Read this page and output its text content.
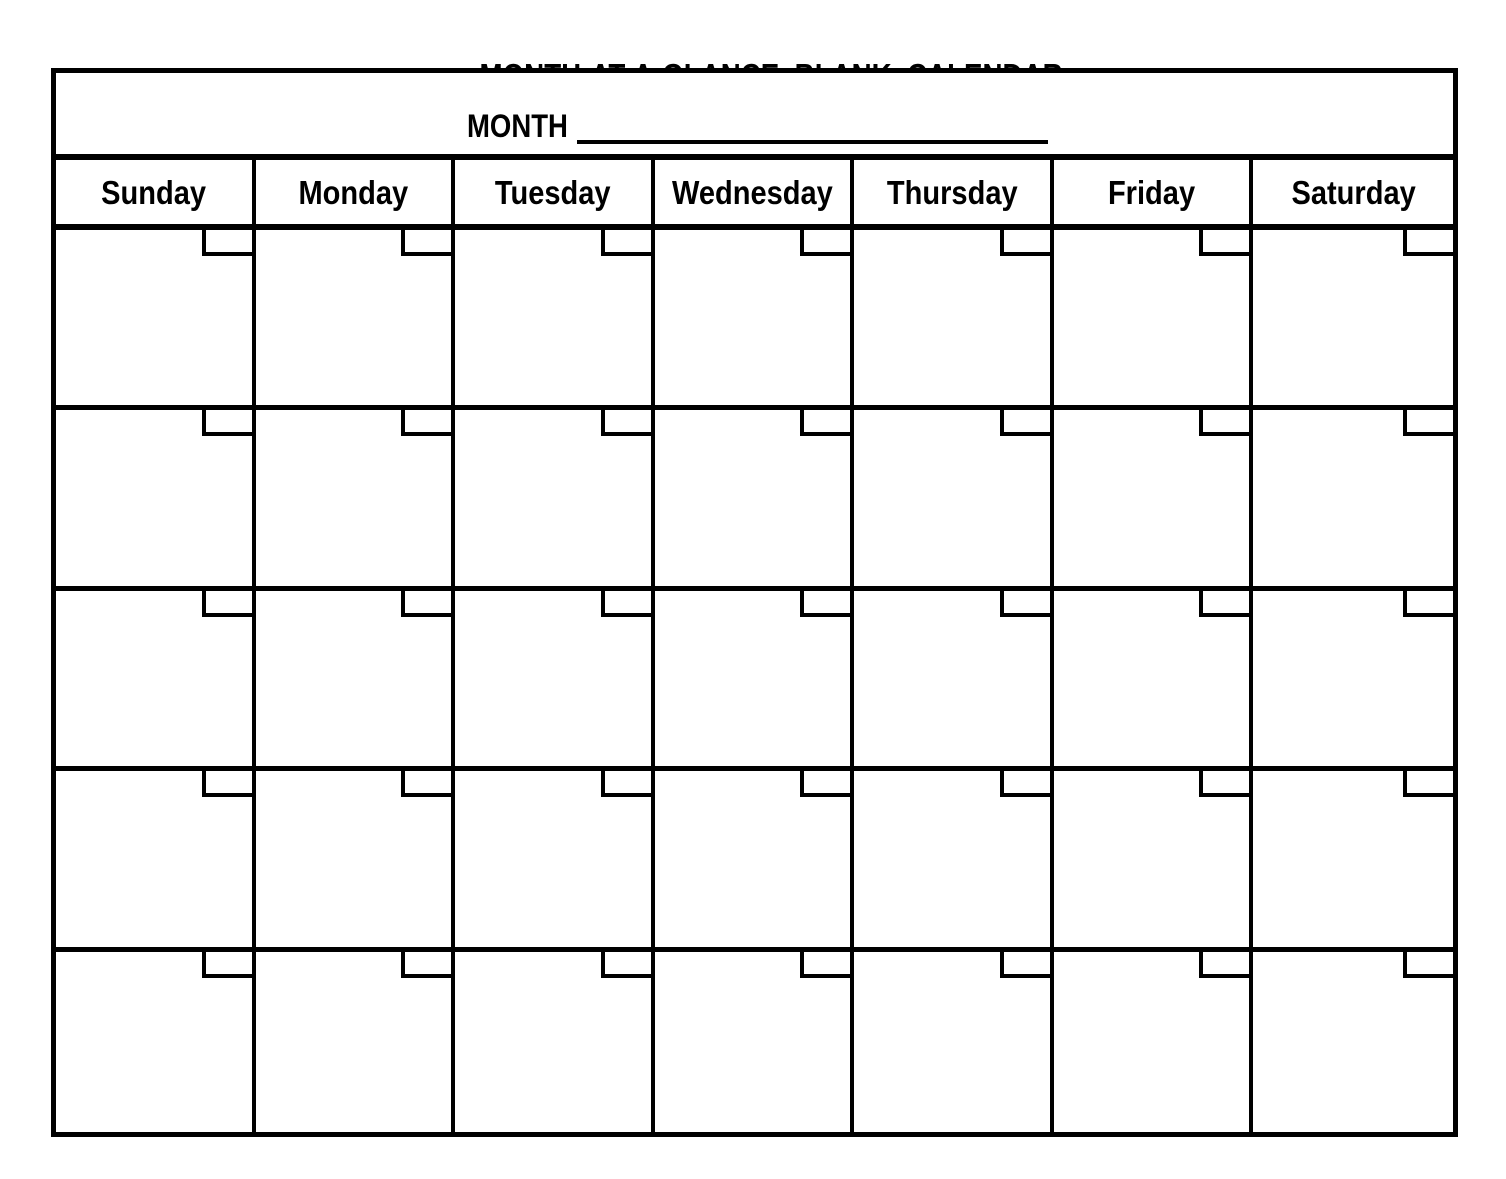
MONTH
Sunday	Monday	Tuesday Wednesday Thursday	Friday	Saturday
